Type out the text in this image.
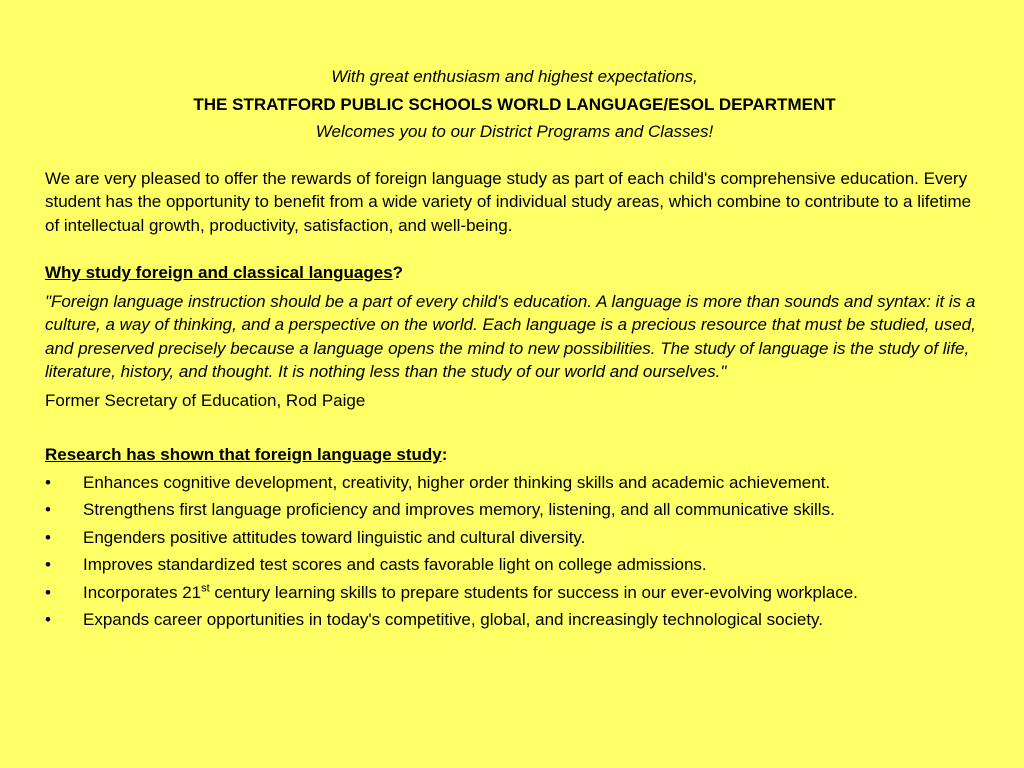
With great enthusiasm and highest expectations,

THE STRATFORD PUBLIC SCHOOLS WORLD LANGUAGE/ESOL DEPARTMENT

Welcomes you to our District Programs and Classes!

We are very pleased to offer the rewards of foreign language study as part of each child's comprehensive education. Every student has the opportunity to benefit from a wide variety of individual study areas, which combine to contribute to a lifetime of intellectual growth, productivity, satisfaction, and well-being.

Why study foreign and classical languages?

"Foreign language instruction should be a part of every child's education. A language is more than sounds and syntax: it is a culture, a way of thinking, and a perspective on the world. Each language is a precious resource that must be studied, used, and preserved precisely because a language opens the mind to new possibilities. The study of language is the study of life, literature, history, and thought. It is nothing less than the study of our world and ourselves."

Former Secretary of Education, Rod Paige

Research has shown that foreign language study:

• Enhances cognitive development, creativity, higher order thinking skills and academic achievement.
• Strengthens first language proficiency and improves memory, listening, and all communicative skills.
• Engenders positive attitudes toward linguistic and cultural diversity.
• Improves standardized test scores and casts favorable light on college admissions.
• Incorporates 21st century learning skills to prepare students for success in our ever-evolving workplace.
• Expands career opportunities in today's competitive, global, and increasingly technological society.
